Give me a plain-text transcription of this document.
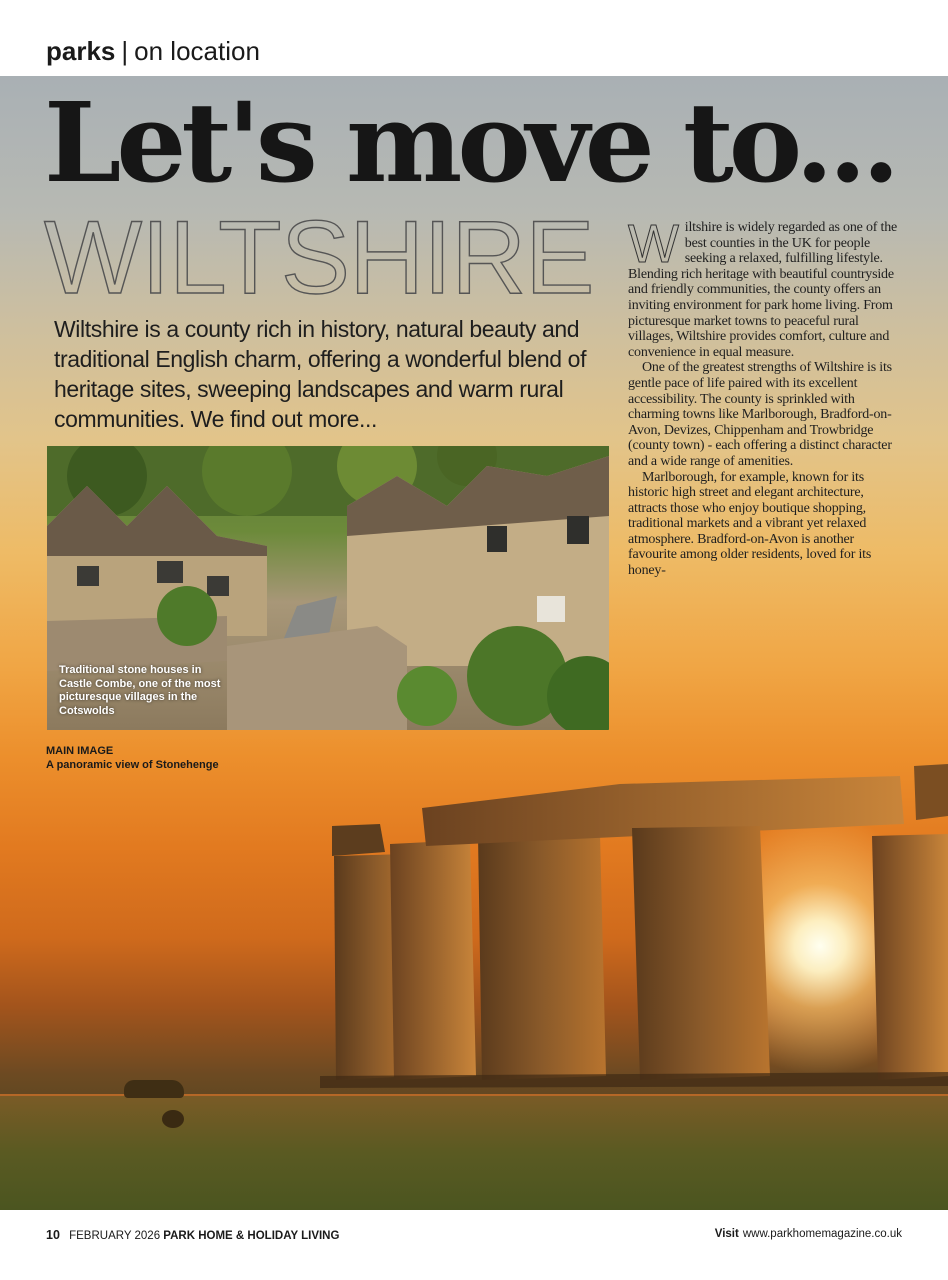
parks | on location
Let's move to...
WILTSHIRE

Wiltshire is a county rich in history, natural beauty and traditional English charm, offering a wonderful blend of heritage sites, sweeping landscapes and warm rural communities. We find out more...

Wiltshire is widely regarded as one of the best counties in the UK for people seeking a relaxed, fulfilling lifestyle. Blending rich heritage with beautiful countryside and friendly communities, the county offers an inviting environment for park home living. From picturesque market towns to peaceful rural villages, Wiltshire provides comfort, culture and convenience in equal measure.

One of the greatest strengths of Wiltshire is its gentle pace of life paired with its excellent accessibility. The county is sprinkled with charming towns like Marlborough, Bradford-on-Avon, Devizes, Chippenham and Trowbridge (county town) - each offering a distinct character and a wide range of amenities.

Marlborough, for example, known for its historic high street and elegant architecture, attracts those who enjoy boutique shopping, traditional markets and a vibrant yet relaxed atmosphere. Bradford-on-Avon is another favourite among older residents, loved for its honey-

Traditional stone houses in Castle Combe, one of the most picturesque villages in the Cotswolds

MAIN IMAGE
A panoramic view of Stonehenge
10 FEBRUARY 2026 PARK HOME & HOLIDAY LIVING	Visit www.parkhomemagazine.co.uk
